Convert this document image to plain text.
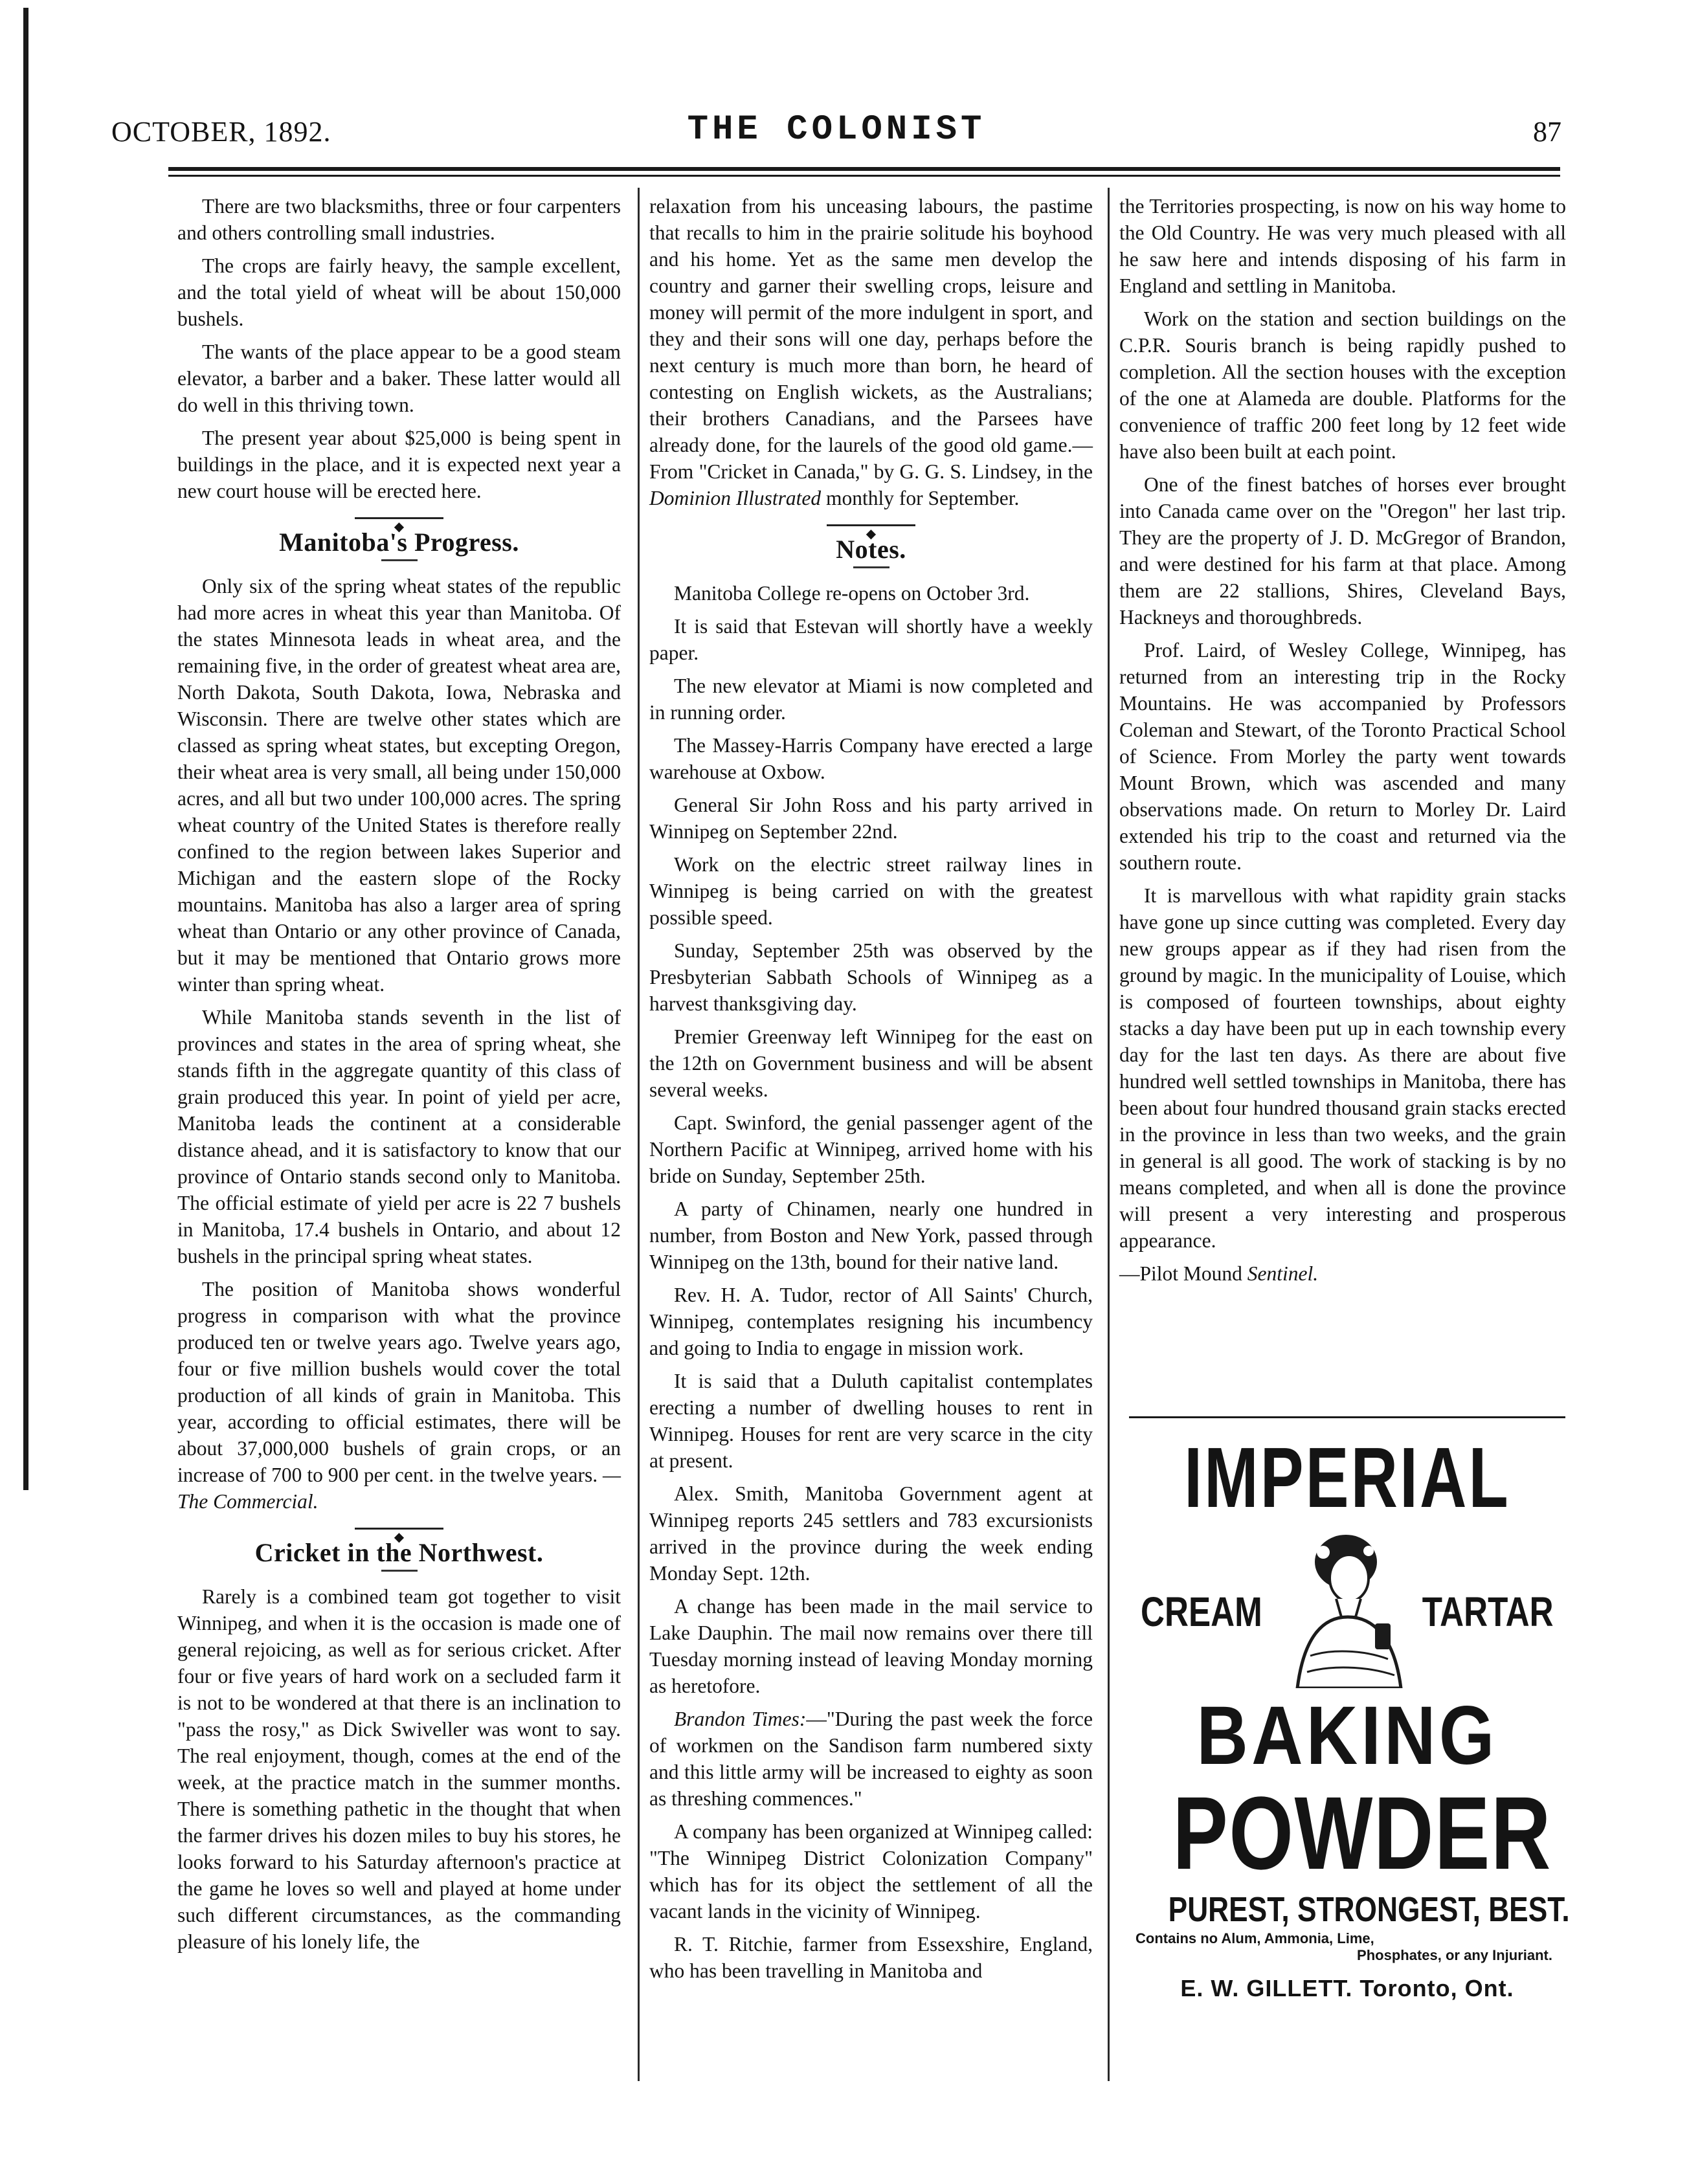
OCTOBER, 1892.	THE COLONIST	87

There are two blacksmiths, three or four carpenters and others controlling small industries.

The crops are fairly heavy, the sample excellent, and the total yield of wheat will be about 150,000 bushels.

The wants of the place appear to be a good steam elevator, a barber and a baker. These latter would all do well in this thriving town.

The present year about $25,000 is being spent in buildings in the place, and it is expected next year a new court house will be erected here.

◆
Manitoba's Progress.

Only six of the spring wheat states of the republic had more acres in wheat this year than Manitoba. Of the states Minnesota leads in wheat area, and the remaining five, in the order of greatest wheat area are, North Dakota, South Dakota, Iowa, Nebraska and Wisconsin. There are twelve other states which are classed as spring wheat states, but excepting Oregon, their wheat area is very small, all being under 150,000 acres, and all but two under 100,000 acres. The spring wheat country of the United States is therefore really confined to the region between lakes Superior and Michigan and the eastern slope of the Rocky mountains. Manitoba has also a larger area of spring wheat than Ontario or any other province of Canada, but it may be mentioned that Ontario grows more winter than spring wheat.

While Manitoba stands seventh in the list of provinces and states in the area of spring wheat, she stands fifth in the aggregate quantity of this class of grain produced this year. In point of yield per acre, Manitoba leads the continent at a considerable distance ahead, and it is satisfactory to know that our province of Ontario stands second only to Manitoba. The official estimate of yield per acre is 22 7 bushels in Manitoba, 17.4 bushels in Ontario, and about 12 bushels in the principal spring wheat states.

The position of Manitoba shows wonderful progress in comparison with what the province produced ten or twelve years ago. Twelve years ago, four or five million bushels would cover the total production of all kinds of grain in Manitoba. This year, according to official estimates, there will be about 37,000,000 bushels of grain crops, or an increase of 700 to 900 per cent. in the twelve years. —The Commercial.

◆
Cricket in the Northwest.

Rarely is a combined team got together to visit Winnipeg, and when it is the occasion is made one of general rejoicing, as well as for serious cricket. After four or five years of hard work on a secluded farm it is not to be wondered at that there is an inclination to "pass the rosy," as Dick Swiveller was wont to say. The real enjoyment, though, comes at the end of the week, at the practice match in the summer months. There is something pathetic in the thought that when the farmer drives his dozen miles to buy his stores, he looks forward to his Saturday afternoon's practice at the game he loves so well and played at home under such different circumstances, as the commanding pleasure of his lonely life, the

relaxation from his unceasing labours, the pastime that recalls to him in the prairie solitude his boyhood and his home. Yet as the same men develop the country and garner their swelling crops, leisure and money will permit of the more indulgent in sport, and they and their sons will one day, perhaps before the next century is much more than born, he heard of contesting on English wickets, as the Australians; their brothers Canadians, and the Parsees have already done, for the laurels of the good old game.—From "Cricket in Canada," by G. G. S. Lindsey, in the Dominion Illustrated monthly for September.

◆
Notes.

Manitoba College re-opens on October 3rd.

It is said that Estevan will shortly have a weekly paper.

The new elevator at Miami is now completed and in running order.

The Massey-Harris Company have erected a large warehouse at Oxbow.

General Sir John Ross and his party arrived in Winnipeg on September 22nd.

Work on the electric street railway lines in Winnipeg is being carried on with the greatest possible speed.

Sunday, September 25th was observed by the Presbyterian Sabbath Schools of Winnipeg as a harvest thanksgiving day.

Premier Greenway left Winnipeg for the east on the 12th on Government business and will be absent several weeks.

Capt. Swinford, the genial passenger agent of the Northern Pacific at Winnipeg, arrived home with his bride on Sunday, September 25th.

A party of Chinamen, nearly one hundred in number, from Boston and New York, passed through Winnipeg on the 13th, bound for their native land.

Rev. H. A. Tudor, rector of All Saints' Church, Winnipeg, contemplates resigning his incumbency and going to India to engage in mission work.

It is said that a Duluth capitalist contemplates erecting a number of dwelling houses to rent in Winnipeg. Houses for rent are very scarce in the city at present.

Alex. Smith, Manitoba Government agent at Winnipeg reports 245 settlers and 783 excursionists arrived in the province during the week ending Monday Sept. 12th.

A change has been made in the mail service to Lake Dauphin. The mail now remains over there till Tuesday morning instead of leaving Monday morning as heretofore.

Brandon Times:—"During the past week the force of workmen on the Sandison farm numbered sixty and this little army will be increased to eighty as soon as threshing commences."

A company has been organized at Winnipeg called: "The Winnipeg District Colonization Company" which has for its object the settlement of all the vacant lands in the vicinity of Winnipeg.

R. T. Ritchie, farmer from Essexshire, England, who has been travelling in Manitoba and

the Territories prospecting, is now on his way home to the Old Country. He was very much pleased with all he saw here and intends disposing of his farm in England and settling in Manitoba.

Work on the station and section buildings on the C.P.R. Souris branch is being rapidly pushed to completion. All the section houses with the exception of the one at Alameda are double. Platforms for the convenience of traffic 200 feet long by 12 feet wide have also been built at each point.

One of the finest batches of horses ever brought into Canada came over on the "Oregon" her last trip. They are the property of J. D. McGregor of Brandon, and were destined for his farm at that place. Among them are 22 stallions, Shires, Cleveland Bays, Hackneys and thoroughbreds.

Prof. Laird, of Wesley College, Winnipeg, has returned from an interesting trip in the Rocky Mountains. He was accompanied by Professors Coleman and Stewart, of the Toronto Practical School of Science. From Morley the party went towards Mount Brown, which was ascended and many observations made. On return to Morley Dr. Laird extended his trip to the coast and returned via the southern route.

It is marvellous with what rapidity grain stacks have gone up since cutting was completed. Every day new groups appear as if they had risen from the ground by magic. In the municipality of Louise, which is composed of fourteen townships, about eighty stacks a day have been put up in each township every day for the last ten days. As there are about five hundred well settled townships in Manitoba, there has been about four hundred thousand grain stacks erected in the province in less than two weeks, and the grain in general is all good. The work of stacking is by no means completed, and when all is done the province will present a very interesting and prosperous appearance.

—Pilot Mound Sentinel.

IMPERIAL
CREAM	TARTAR
BAKING
POWDER
PUREST, STRONGEST, BEST.
Contains no Alum, Ammonia, Lime,
Phosphates, or any Injuriant.
E. W. GILLETT. Toronto, Ont.
